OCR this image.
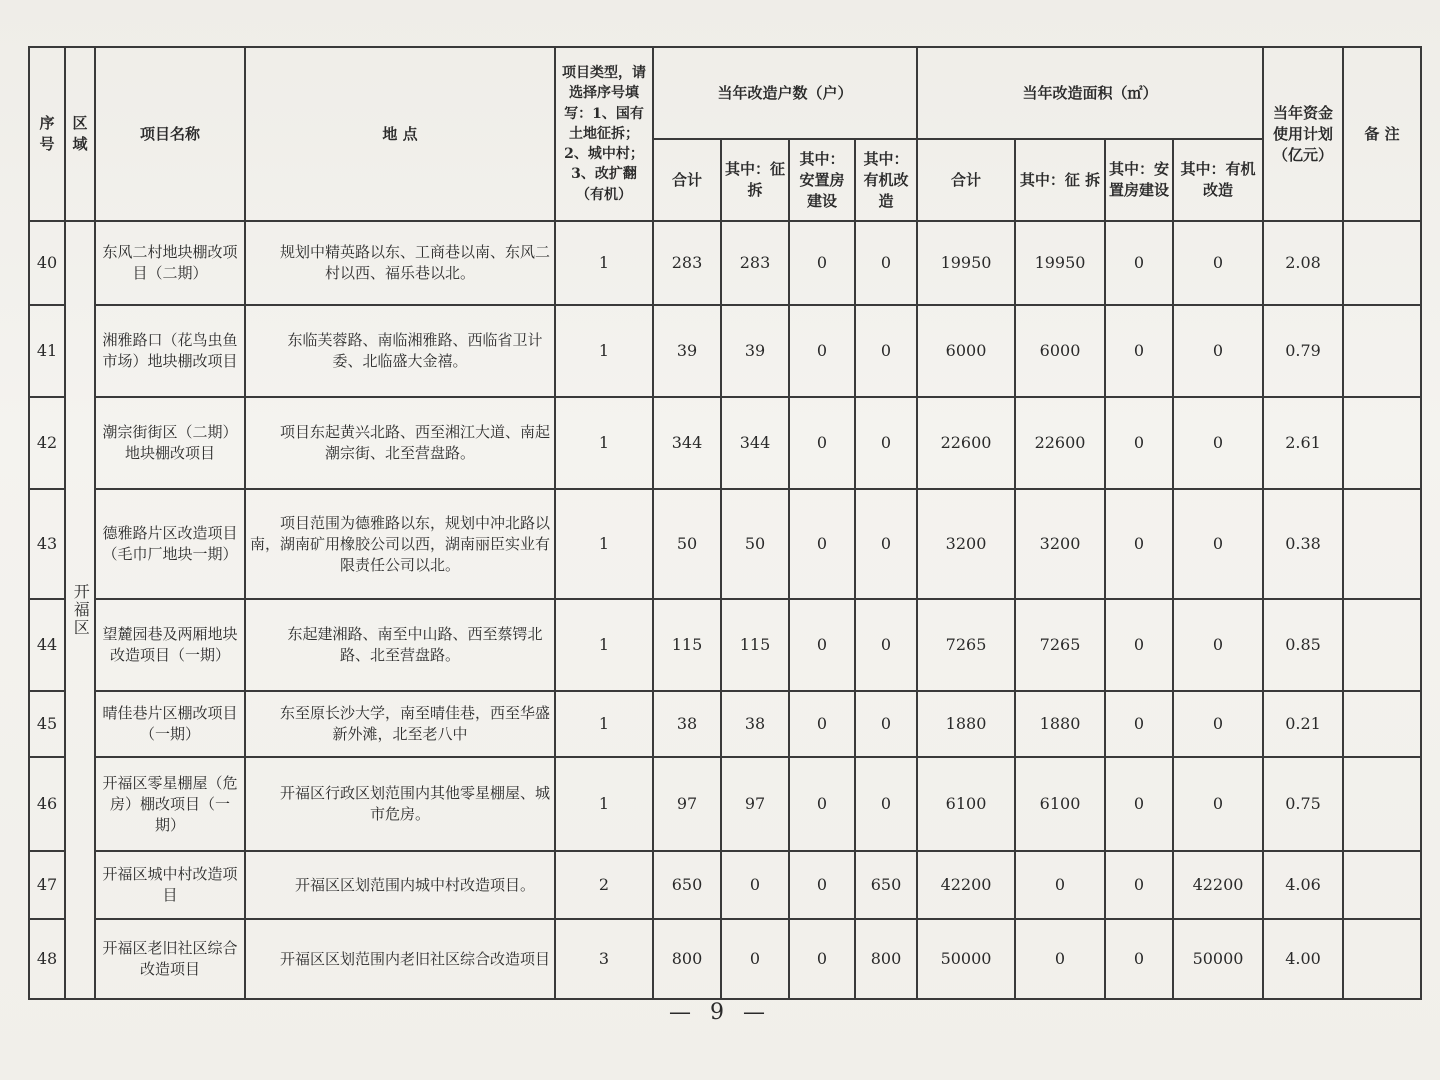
序号	区域	项目名称	地 点	项目类型，请选择序号填写：1、国有土地征拆；2、城中村；3、改扩翻（有机）	当年改造户数（户）				当年改造面积（㎡）				当年资金使用计划（亿元）	备 注
					合计	其中：征 拆	其中：安置房建设	其中：有机改造	合计	其中：征 拆	其中：安置房建设	其中：有机改造		
40	开福区	东风二村地块棚改项目（二期）	规划中精英路以东、工商巷以南、东风二村以西、福乐巷以北。	1	283	283	0	0	19950	19950	0	0	2.08	
41		湘雅路口（花鸟虫鱼市场）地块棚改项目	东临芙蓉路、南临湘雅路、西临省卫计委、北临盛大金禧。	1	39	39	0	0	6000	6000	0	0	0.79	
42		潮宗街街区（二期）地块棚改项目	项目东起黄兴北路、西至湘江大道、南起潮宗街、北至营盘路。	1	344	344	0	0	22600	22600	0	0	2.61	
43		德雅路片区改造项目（毛巾厂地块一期）	项目范围为德雅路以东，规划中冲北路以南，湖南矿用橡胶公司以西，湖南丽臣实业有限责任公司以北。	1	50	50	0	0	3200	3200	0	0	0.38	
44		望麓园巷及两厢地块改造项目（一期）	东起建湘路、南至中山路、西至蔡锷北路、北至营盘路。	1	115	115	0	0	7265	7265	0	0	0.85	
45		晴佳巷片区棚改项目（一期）	东至原长沙大学，南至晴佳巷，西至华盛新外滩，北至老八中	1	38	38	0	0	1880	1880	0	0	0.21	
46		开福区零星棚屋（危房）棚改项目（一期）	开福区行政区划范围内其他零星棚屋、城市危房。	1	97	97	0	0	6100	6100	0	0	0.75	
47		开福区城中村改造项目	开福区区划范围内城中村改造项目。	2	650	0	0	650	42200	0	0	42200	4.06	
48		开福区老旧社区综合改造项目	开福区区划范围内老旧社区综合改造项目	3	800	0	0	800	50000	0	0	50000	4.00	
— 9 —
